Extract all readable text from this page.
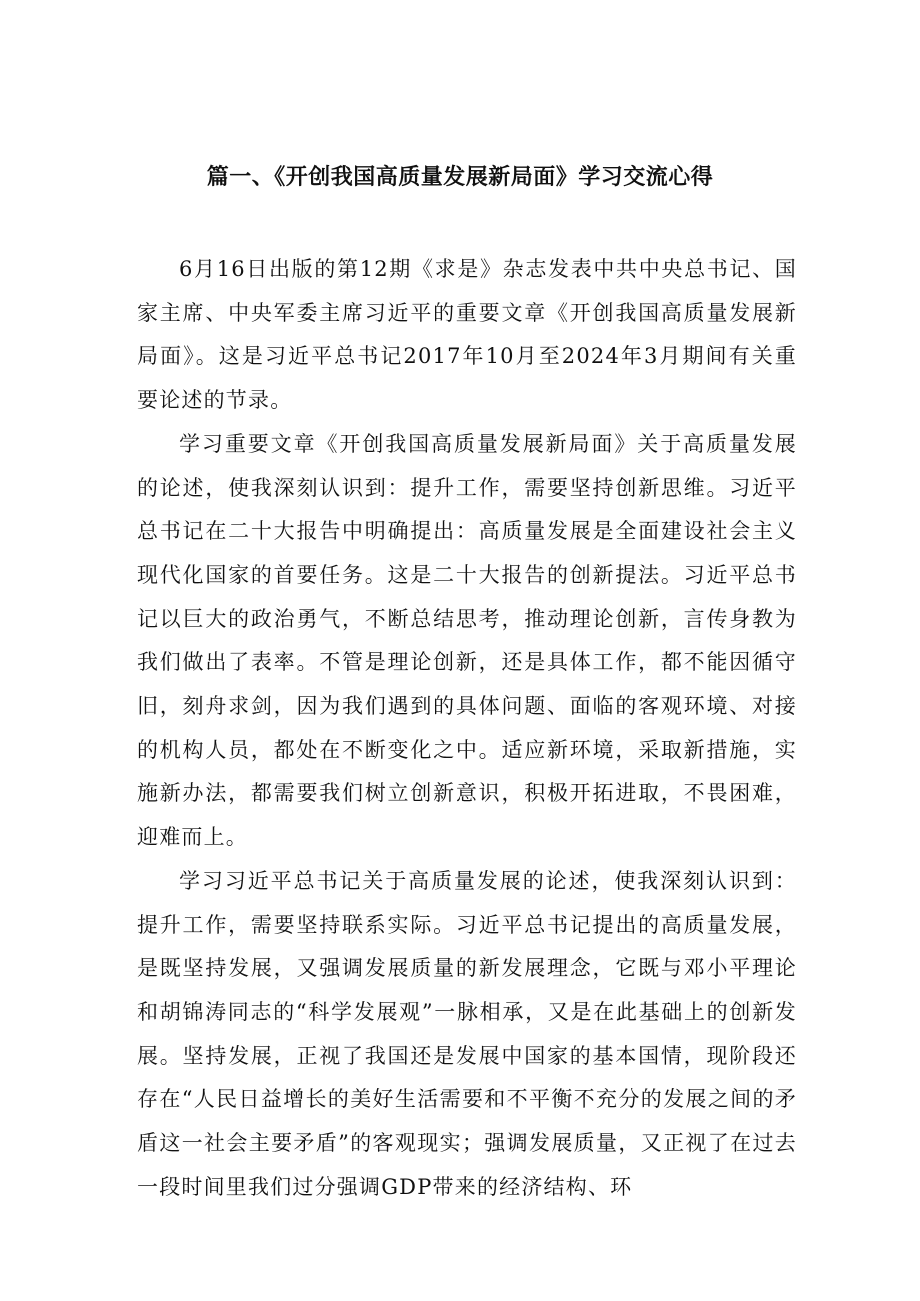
篇一、《开创我国高质量发展新局面》学习交流心得

6月16日出版的第12期《求是》杂志发表中共中央总书记、国家主席、中央军委主席习近平的重要文章《开创我国高质量发展新局面》。这是习近平总书记2017年10月至2024年3月期间有关重要论述的节录。

学习重要文章《开创我国高质量发展新局面》关于高质量发展的论述，使我深刻认识到：提升工作，需要坚持创新思维。习近平总书记在二十大报告中明确提出：高质量发展是全面建设社会主义现代化国家的首要任务。这是二十大报告的创新提法。习近平总书记以巨大的政治勇气，不断总结思考，推动理论创新，言传身教为我们做出了表率。不管是理论创新，还是具体工作，都不能因循守旧，刻舟求剑，因为我们遇到的具体问题、面临的客观环境、对接的机构人员，都处在不断变化之中。适应新环境，采取新措施，实施新办法，都需要我们树立创新意识，积极开拓进取，不畏困难，迎难而上。

学习习近平总书记关于高质量发展的论述，使我深刻认识到：提升工作，需要坚持联系实际。习近平总书记提出的高质量发展，是既坚持发展，又强调发展质量的新发展理念，它既与邓小平理论和胡锦涛同志的“科学发展观”一脉相承，又是在此基础上的创新发展。坚持发展，正视了我国还是发展中国家的基本国情，现阶段还存在“人民日益增长的美好生活需要和不平衡不充分的发展之间的矛盾这一社会主要矛盾”的客观现实；强调发展质量，又正视了在过去一段时间里我们过分强调GDP带来的经济结构、环
